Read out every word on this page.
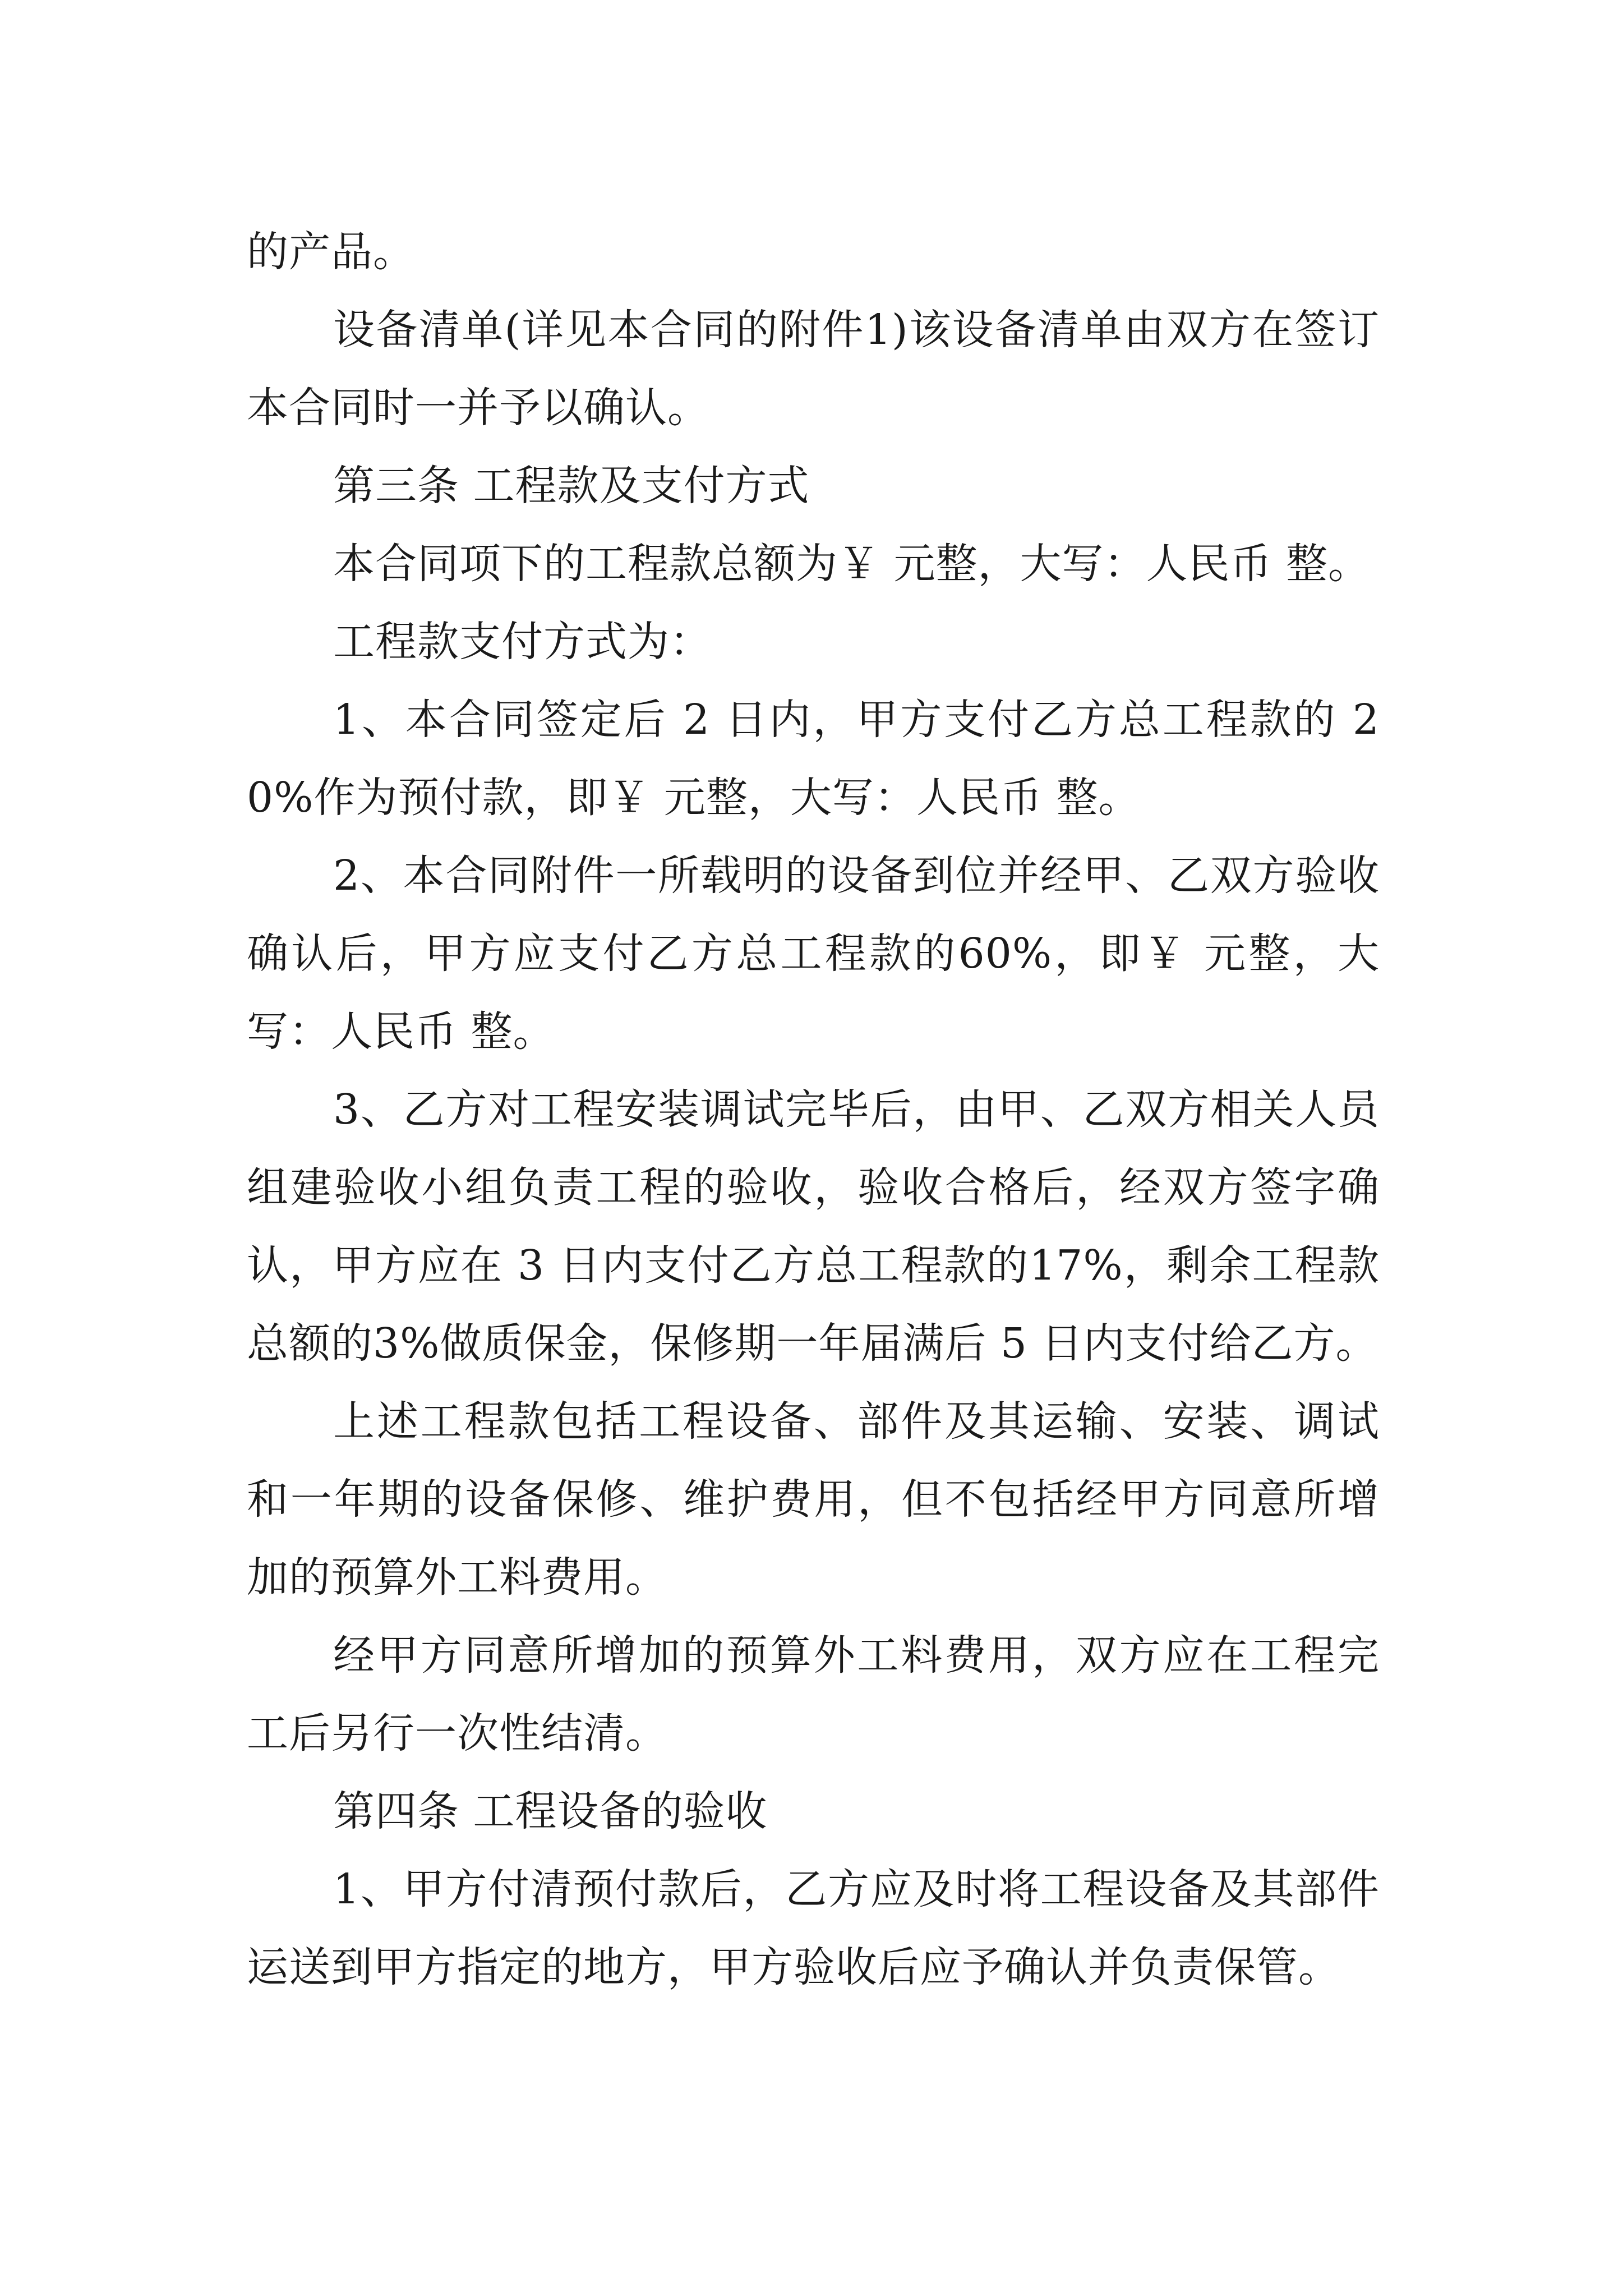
的产品。

设备清单(详见本合同的附件1)该设备清单由双方在签订本合同时一并予以确认。

第三条 工程款及支付方式

本合同项下的工程款总额为￥ 元整，大写：人民币 整。

工程款支付方式为：

1、本合同签定后 2 日内，甲方支付乙方总工程款的 20%作为预付款，即￥ 元整，大写：人民币 整。

2、本合同附件一所载明的设备到位并经甲、乙双方验收确认后，甲方应支付乙方总工程款的60%，即￥ 元整，大写：人民币 整。

3、乙方对工程安装调试完毕后，由甲、乙双方相关人员组建验收小组负责工程的验收，验收合格后，经双方签字确认，甲方应在 3 日内支付乙方总工程款的17%，剩余工程款总额的3%做质保金，保修期一年届满后 5 日内支付给乙方。

上述工程款包括工程设备、部件及其运输、安装、调试和一年期的设备保修、维护费用，但不包括经甲方同意所增加的预算外工料费用。

经甲方同意所增加的预算外工料费用，双方应在工程完工后另行一次性结清。

第四条 工程设备的验收

1、甲方付清预付款后，乙方应及时将工程设备及其部件运送到甲方指定的地方，甲方验收后应予确认并负责保管。
